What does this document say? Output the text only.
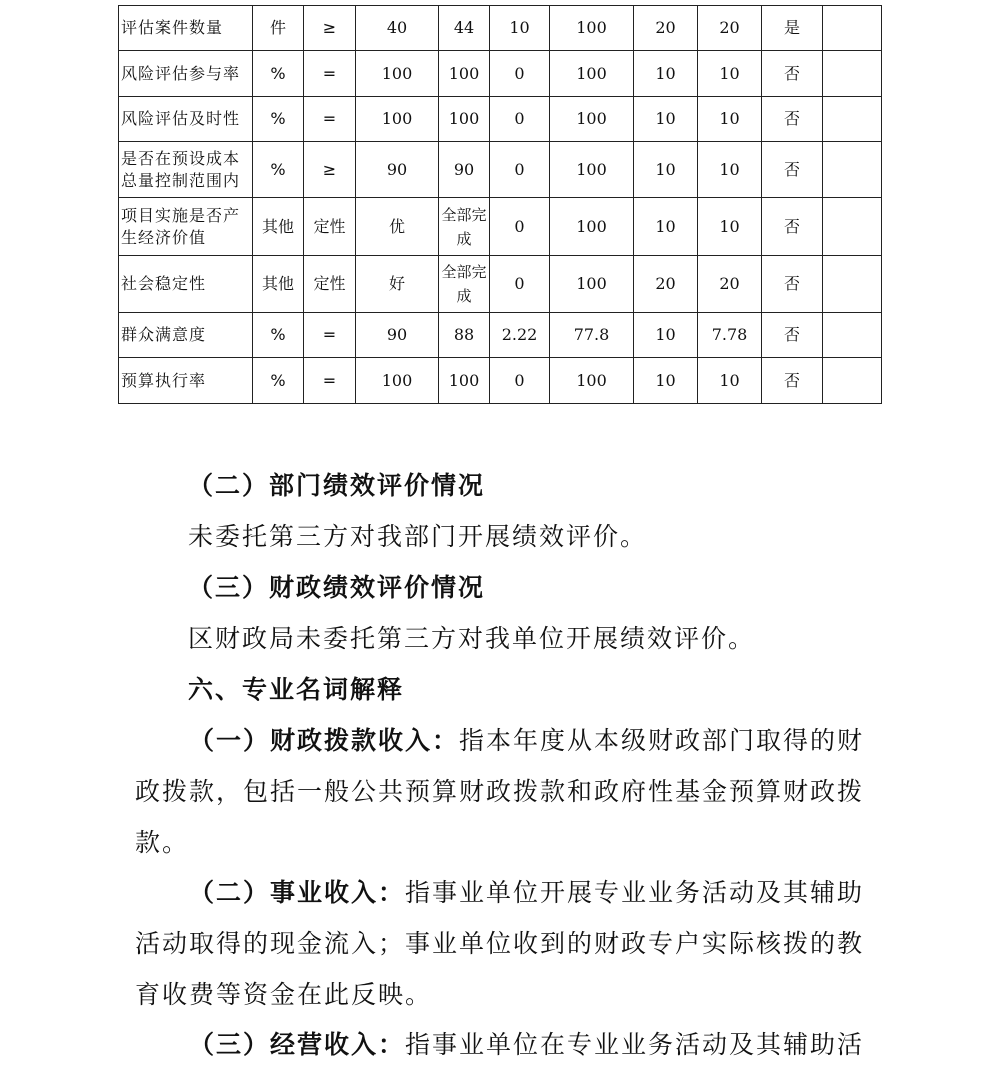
评估案件数量	件	≥	40	44	10	100	20	20	是	
风险评估参与率	%	=	100	100	0	100	10	10	否	
风险评估及时性	%	=	100	100	0	100	10	10	否	
是否在预设成本总量控制范围内	%	≥	90	90	0	100	10	10	否	
项目实施是否产生经济价值	其他	定性	优	全部完成	0	100	10	10	否	
社会稳定性	其他	定性	好	全部完成	0	100	20	20	否	
群众满意度	%	=	90	88	2.22	77.8	10	7.78	否	
预算执行率	%	=	100	100	0	100	10	10	否	

（二）部门绩效评价情况

未委托第三方对我部门开展绩效评价。

（三）财政绩效评价情况

区财政局未委托第三方对我单位开展绩效评价。

六、专业名词解释

（一）财政拨款收入：指本年度从本级财政部门取得的财政拨款，包括一般公共预算财政拨款和政府性基金预算财政拨款。

（二）事业收入：指事业单位开展专业业务活动及其辅助活动取得的现金流入；事业单位收到的财政专户实际核拨的教育收费等资金在此反映。

（三）经营收入：指事业单位在专业业务活动及其辅助活
